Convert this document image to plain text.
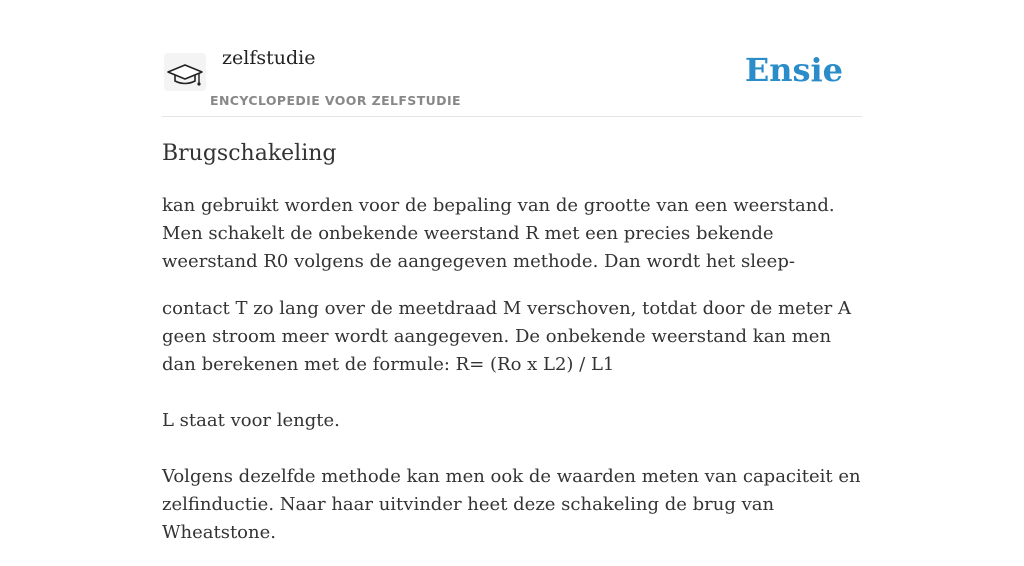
zelfstudie
ENCYCLOPEDIE VOOR ZELFSTUDIE
Ensie
Brugschakeling

kan gebruikt worden voor de bepaling van de grootte van een weerstand. Men schakelt de onbekende weerstand R met een precies bekende weerstand R0 volgens de aangegeven methode. Dan wordt het sleep-

contact T zo lang over de meetdraad M verschoven, totdat door de meter A geen stroom meer wordt aangegeven. De onbekende weerstand kan men dan berekenen met de formule: R= (Ro x L2) / L1

L staat voor lengte.

Volgens dezelfde methode kan men ook de waarden meten van capaciteit en zelfinductie. Naar haar uitvinder heet deze schakeling de brug van Wheatstone.
